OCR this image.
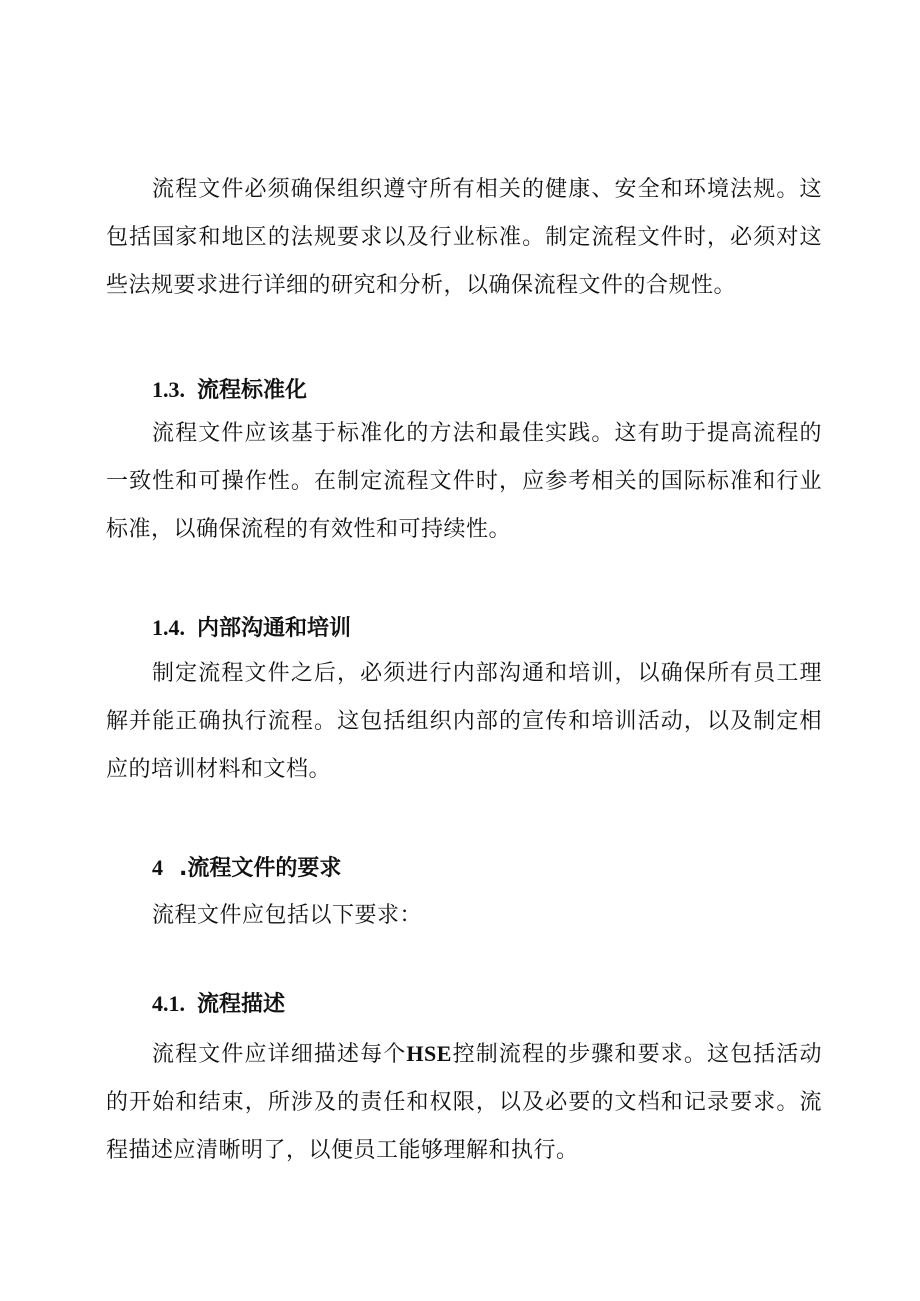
流程文件必须确保组织遵守所有相关的健康、安全和环境法规。这包括国家和地区的法规要求以及行业标准。制定流程文件时，必须对这些法规要求进行详细的研究和分析，以确保流程文件的合规性。

1.3. 流程标准化

流程文件应该基于标准化的方法和最佳实践。这有助于提高流程的一致性和可操作性。在制定流程文件时，应参考相关的国际标准和行业标准，以确保流程的有效性和可持续性。

1.4. 内部沟通和培训

制定流程文件之后，必须进行内部沟通和培训，以确保所有员工理解并能正确执行流程。这包括组织内部的宣传和培训活动，以及制定相应的培训材料和文档。

4 .流程文件的要求

流程文件应包括以下要求：

4.1. 流程描述

流程文件应详细描述每个HSE控制流程的步骤和要求。这包括活动的开始和结束，所涉及的责任和权限，以及必要的文档和记录要求。流程描述应清晰明了，以便员工能够理解和执行。
